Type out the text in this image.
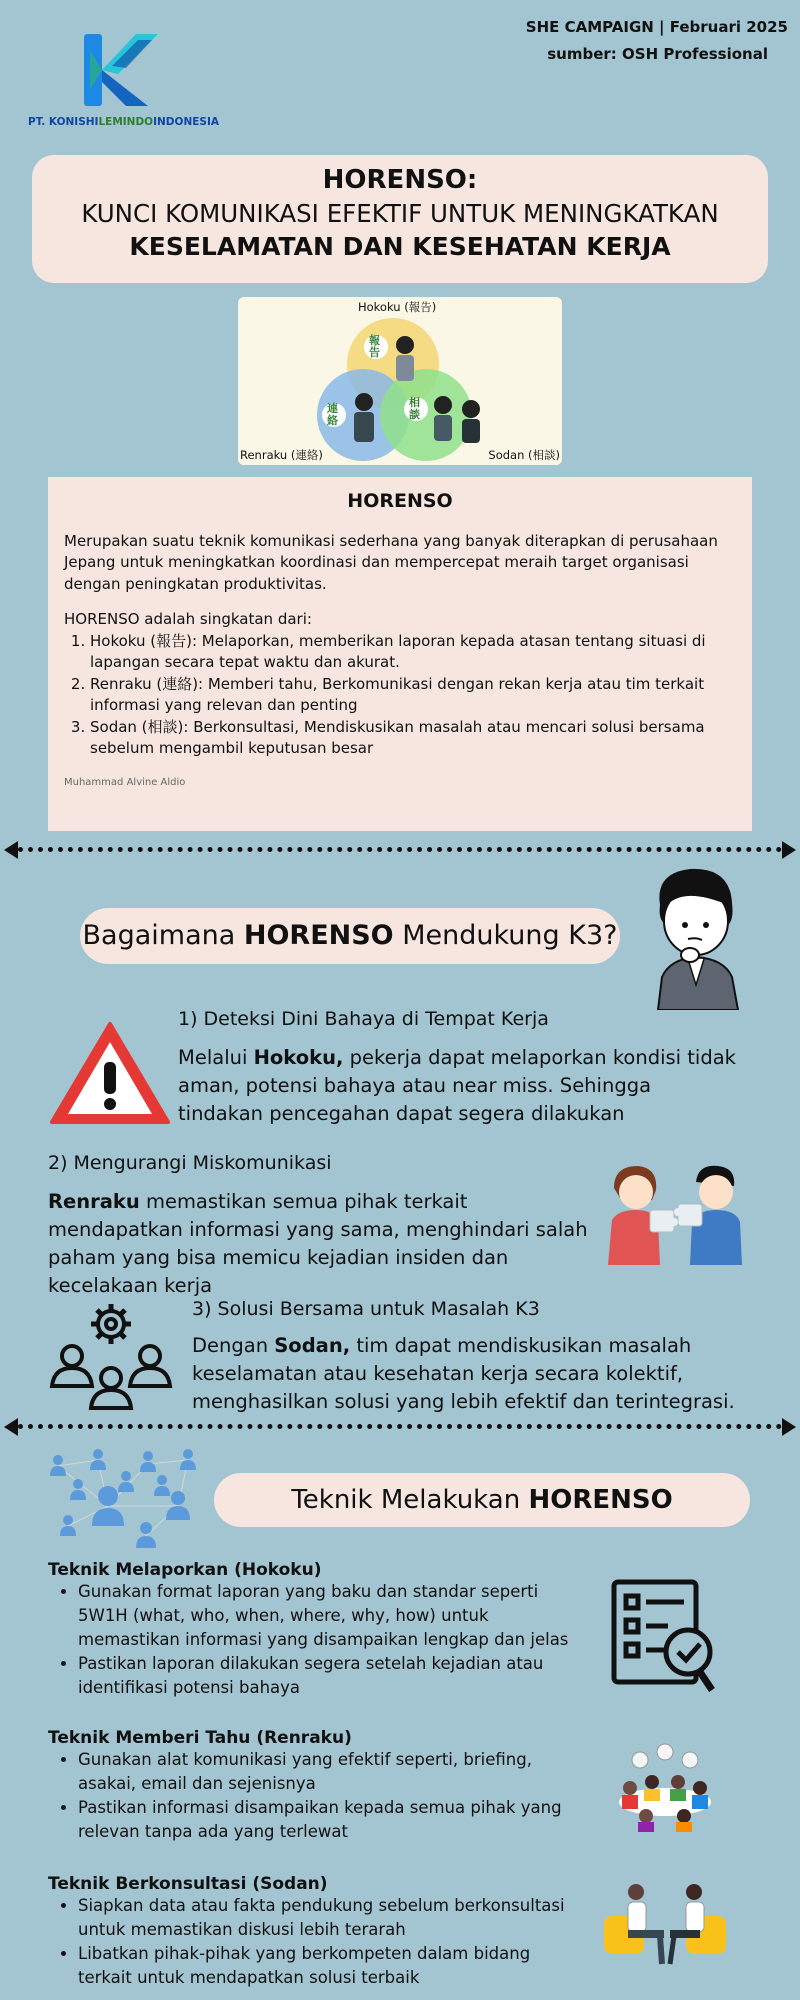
PT. KONISHILEMINDOINDONESIA
SHE CAMPAIGN | Februari 2025
sumber: OSH Professional
HORENSO:
KUNCI KOMUNIKASI EFEKTIF UNTUK MENINGKATKAN
KESELAMATAN DAN KESEHATAN KERJA
Hokoku (報告)
Renraku (連絡)	Sodan (相談)
報
告
連
絡
相
談
HORENSO
Merupakan suatu teknik komunikasi sederhana yang banyak diterapkan di perusahaan Jepang untuk meningkatkan koordinasi dan mempercepat meraih target organisasi dengan peningkatan produktivitas.
HORENSO adalah singkatan dari:
1. Hokoku (報告): Melaporkan, memberikan laporan kepada atasan tentang situasi di lapangan secara tepat waktu dan akurat.
2. Renraku (連絡): Memberi tahu, Berkomunikasi dengan rekan kerja atau tim terkait informasi yang relevan dan penting
3. Sodan (相談): Berkonsultasi, Mendiskusikan masalah atau mencari solusi bersama sebelum mengambil keputusan besar
Muhammad Alvine Aldio
Bagaimana HORENSO Mendukung K3?
1) Deteksi Dini Bahaya di Tempat Kerja
Melalui Hokoku, pekerja dapat melaporkan kondisi tidak aman, potensi bahaya atau near miss. Sehingga tindakan pencegahan dapat segera dilakukan
2) Mengurangi Miskomunikasi
Renraku memastikan semua pihak terkait mendapatkan informasi yang sama, menghindari salah paham yang bisa memicu kejadian insiden dan kecelakaan kerja
3) Solusi Bersama untuk Masalah K3
Dengan Sodan, tim dapat mendiskusikan masalah keselamatan atau kesehatan kerja secara kolektif, menghasilkan solusi yang lebih efektif dan terintegrasi.
Teknik Melakukan HORENSO
Teknik Melaporkan (Hokoku)
• Gunakan format laporan yang baku dan standar seperti 5W1H (what, who, when, where, why, how) untuk memastikan informasi yang disampaikan lengkap dan jelas
• Pastikan laporan dilakukan segera setelah kejadian atau identifikasi potensi bahaya
Teknik Memberi Tahu (Renraku)
• Gunakan alat komunikasi yang efektif seperti, briefing, asakai, email dan sejenisnya
• Pastikan informasi disampaikan kepada semua pihak yang relevan tanpa ada yang terlewat
Teknik Berkonsultasi (Sodan)
• Siapkan data atau fakta pendukung sebelum berkonsultasi untuk memastikan diskusi lebih terarah
• Libatkan pihak-pihak yang berkompeten dalam bidang terkait untuk mendapatkan solusi terbaik
